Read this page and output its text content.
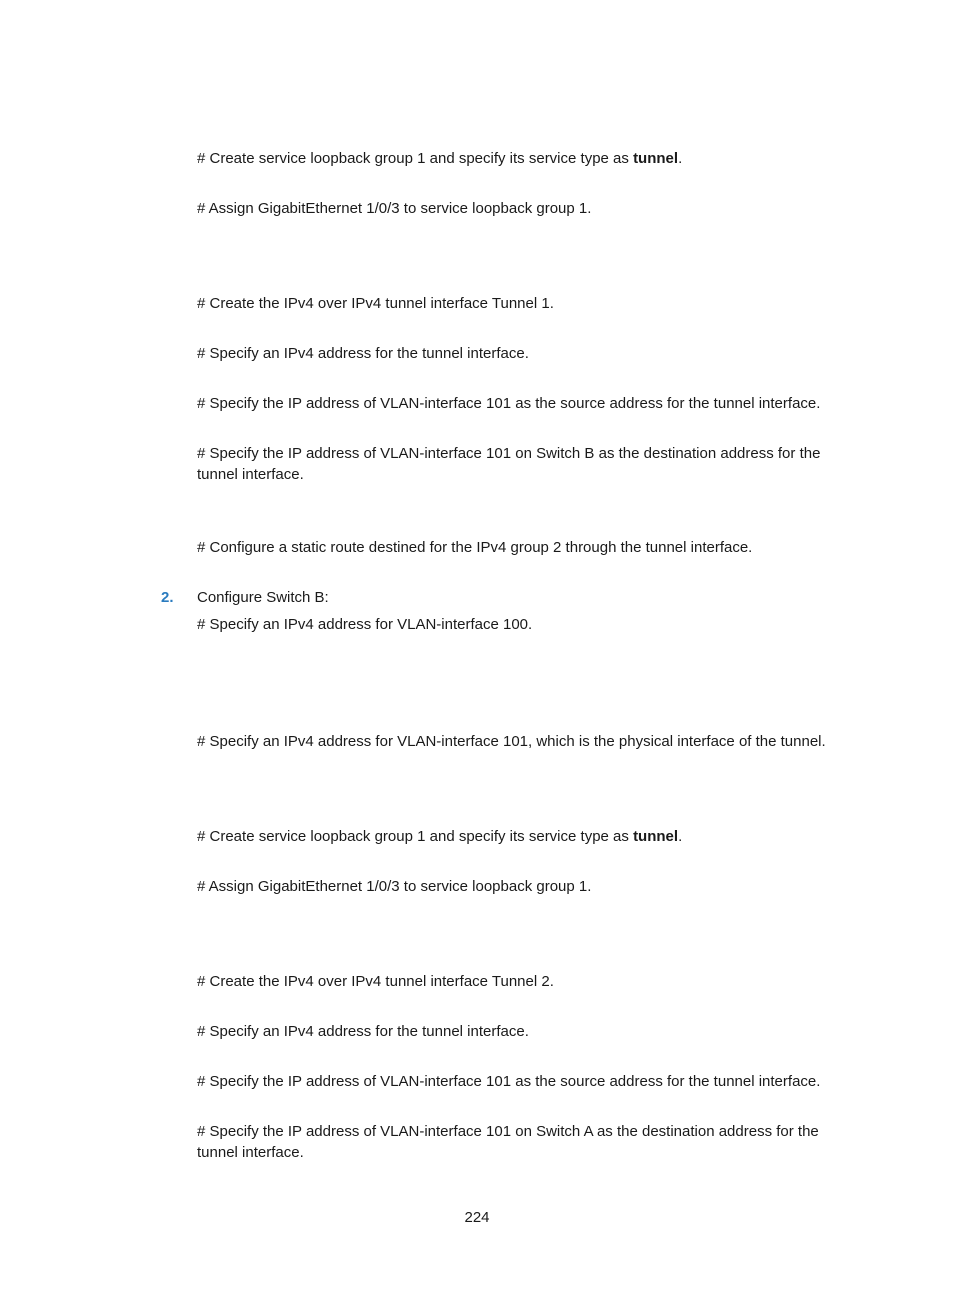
# Create service loopback group 1 and specify its service type as tunnel.
# Assign GigabitEthernet 1/0/3 to service loopback group 1.
# Create the IPv4 over IPv4 tunnel interface Tunnel 1.
# Specify an IPv4 address for the tunnel interface.
# Specify the IP address of VLAN-interface 101 as the source address for the tunnel interface.
# Specify the IP address of VLAN-interface 101 on Switch B as the destination address for the tunnel interface.
# Configure a static route destined for the IPv4 group 2 through the tunnel interface.
2. Configure Switch B:
# Specify an IPv4 address for VLAN-interface 100.
# Specify an IPv4 address for VLAN-interface 101, which is the physical interface of the tunnel.
# Create service loopback group 1 and specify its service type as tunnel.
# Assign GigabitEthernet 1/0/3 to service loopback group 1.
# Create the IPv4 over IPv4 tunnel interface Tunnel 2.
# Specify an IPv4 address for the tunnel interface.
# Specify the IP address of VLAN-interface 101 as the source address for the tunnel interface.
# Specify the IP address of VLAN-interface 101 on Switch A as the destination address for the tunnel interface.
224
